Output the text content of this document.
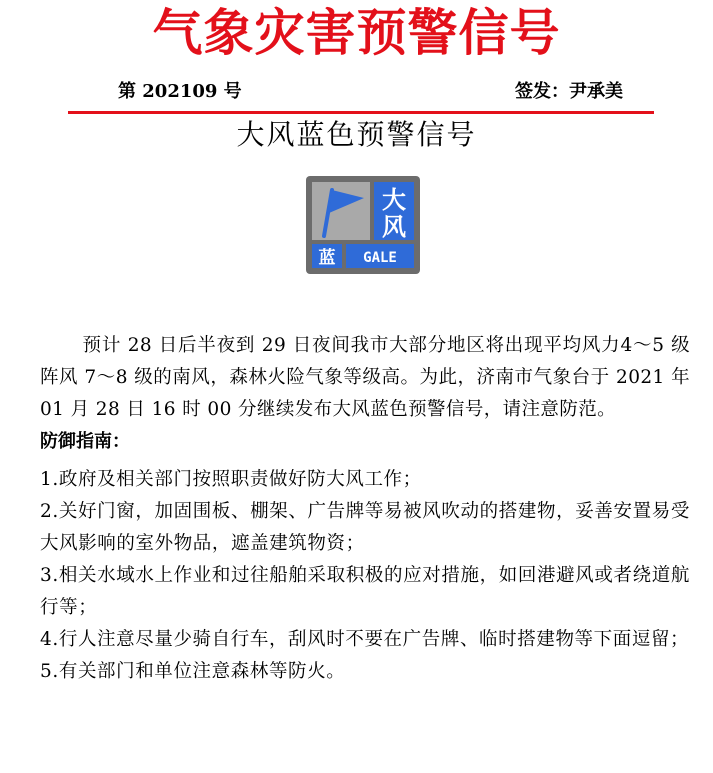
气象灾害预警信号
第 202109 号	签发：尹承美
大风蓝色预警信号
大
风
蓝 GALE

预计 28 日后半夜到 29 日夜间我市大部分地区将出现平均风力4～5 级阵风 7～8 级的南风，森林火险气象等级高。为此，济南市气象台于 2021 年 01 月 28 日 16 时 00 分继续发布大风蓝色预警信号，请注意防范。

防御指南：

1.政府及相关部门按照职责做好防大风工作；
2.关好门窗，加固围板、棚架、广告牌等易被风吹动的搭建物，妥善安置易受大风影响的室外物品，遮盖建筑物资；
3.相关水域水上作业和过往船舶采取积极的应对措施，如回港避风或者绕道航行等；
4.行人注意尽量少骑自行车，刮风时不要在广告牌、临时搭建物等下面逗留；
5.有关部门和单位注意森林等防火。
